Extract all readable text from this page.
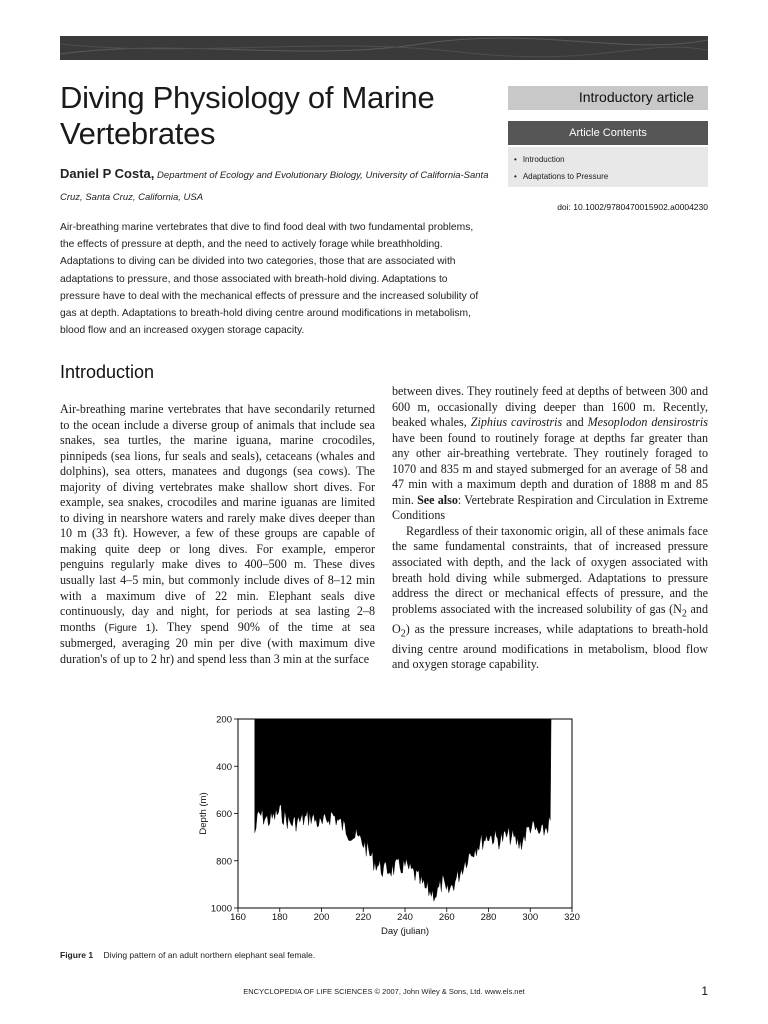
Diving Physiology of Marine Vertebrates
Daniel P Costa, Department of Ecology and Evolutionary Biology, University of California-Santa Cruz, Santa Cruz, California, USA
Introductory article
Article Contents
• Introduction
• Adaptations to Pressure
doi: 10.1002/9780470015902.a0004230

Air-breathing marine vertebrates that dive to find food deal with two fundamental problems, the effects of pressure at depth, and the need to actively forage while breathholding. Adaptations to diving can be divided into two categories, those that are associated with adaptations to pressure, and those associated with breath-hold diving. Adaptations to pressure have to deal with the mechanical effects of pressure and the increased solubility of gas at depth. Adaptations to breath-hold diving centre around modifications in metabolism, blood flow and an increased oxygen storage capacity.

Introduction

Air-breathing marine vertebrates that have secondarily returned to the ocean include a diverse group of animals that include sea snakes, sea turtles, the marine iguana, marine crocodiles, pinnipeds (sea lions, fur seals and seals), cetaceans (whales and dolphins), sea otters, manatees and dugongs (sea cows). The majority of diving vertebrates make shallow short dives. For example, sea snakes, crocodiles and marine iguanas are limited to diving in nearshore waters and rarely make dives deeper than 10 m (33 ft). However, a few of these groups are capable of making quite deep or long dives. For example, emperor penguins regularly make dives to 400–500 m. These dives usually last 4–5 min, but commonly include dives of 8–12 min with a maximum dive of 22 min. Elephant seals dive continuously, day and night, for periods at sea lasting 2–8 months (Figure 1). They spend 90% of the time at sea submerged, averaging 20 min per dive (with maximum dive duration's of up to 2 hr) and spend less than 3 min at the surface

between dives. They routinely feed at depths of between 300 and 600 m, occasionally diving deeper than 1600 m. Recently, beaked whales, Ziphius cavirostris and Mesoplodon densirostris have been found to routinely forage at depths far greater than any other air-breathing vertebrate. They routinely foraged to 1070 and 835 m and stayed submerged for an average of 58 and 47 min with a maximum depth and duration of 1888 m and 85 min. See also: Vertebrate Respiration and Circulation in Extreme Conditions

Regardless of their taxonomic origin, all of these animals face the same fundamental constraints, that of increased pressure associated with depth, and the lack of oxygen associated with breath hold diving while submerged. Adaptations to pressure address the direct or mechanical effects of pressure, and the problems associated with the increased solubility of gas ($N_2$ and $O_2$) as the pressure increases, while adaptations to breath-hold diving centre around modifications in metabolism, blood flow and oxygen storage capability.

160	180	200	220	240	260	280	300	320
200
400
600
800
1000
Day (julian)
Depth (m)
Figure 1 Diving pattern of an adult northern elephant seal female.
ENCYCLOPEDIA OF LIFE SCIENCES © 2007, John Wiley & Sons, Ltd. www.els.net	1
